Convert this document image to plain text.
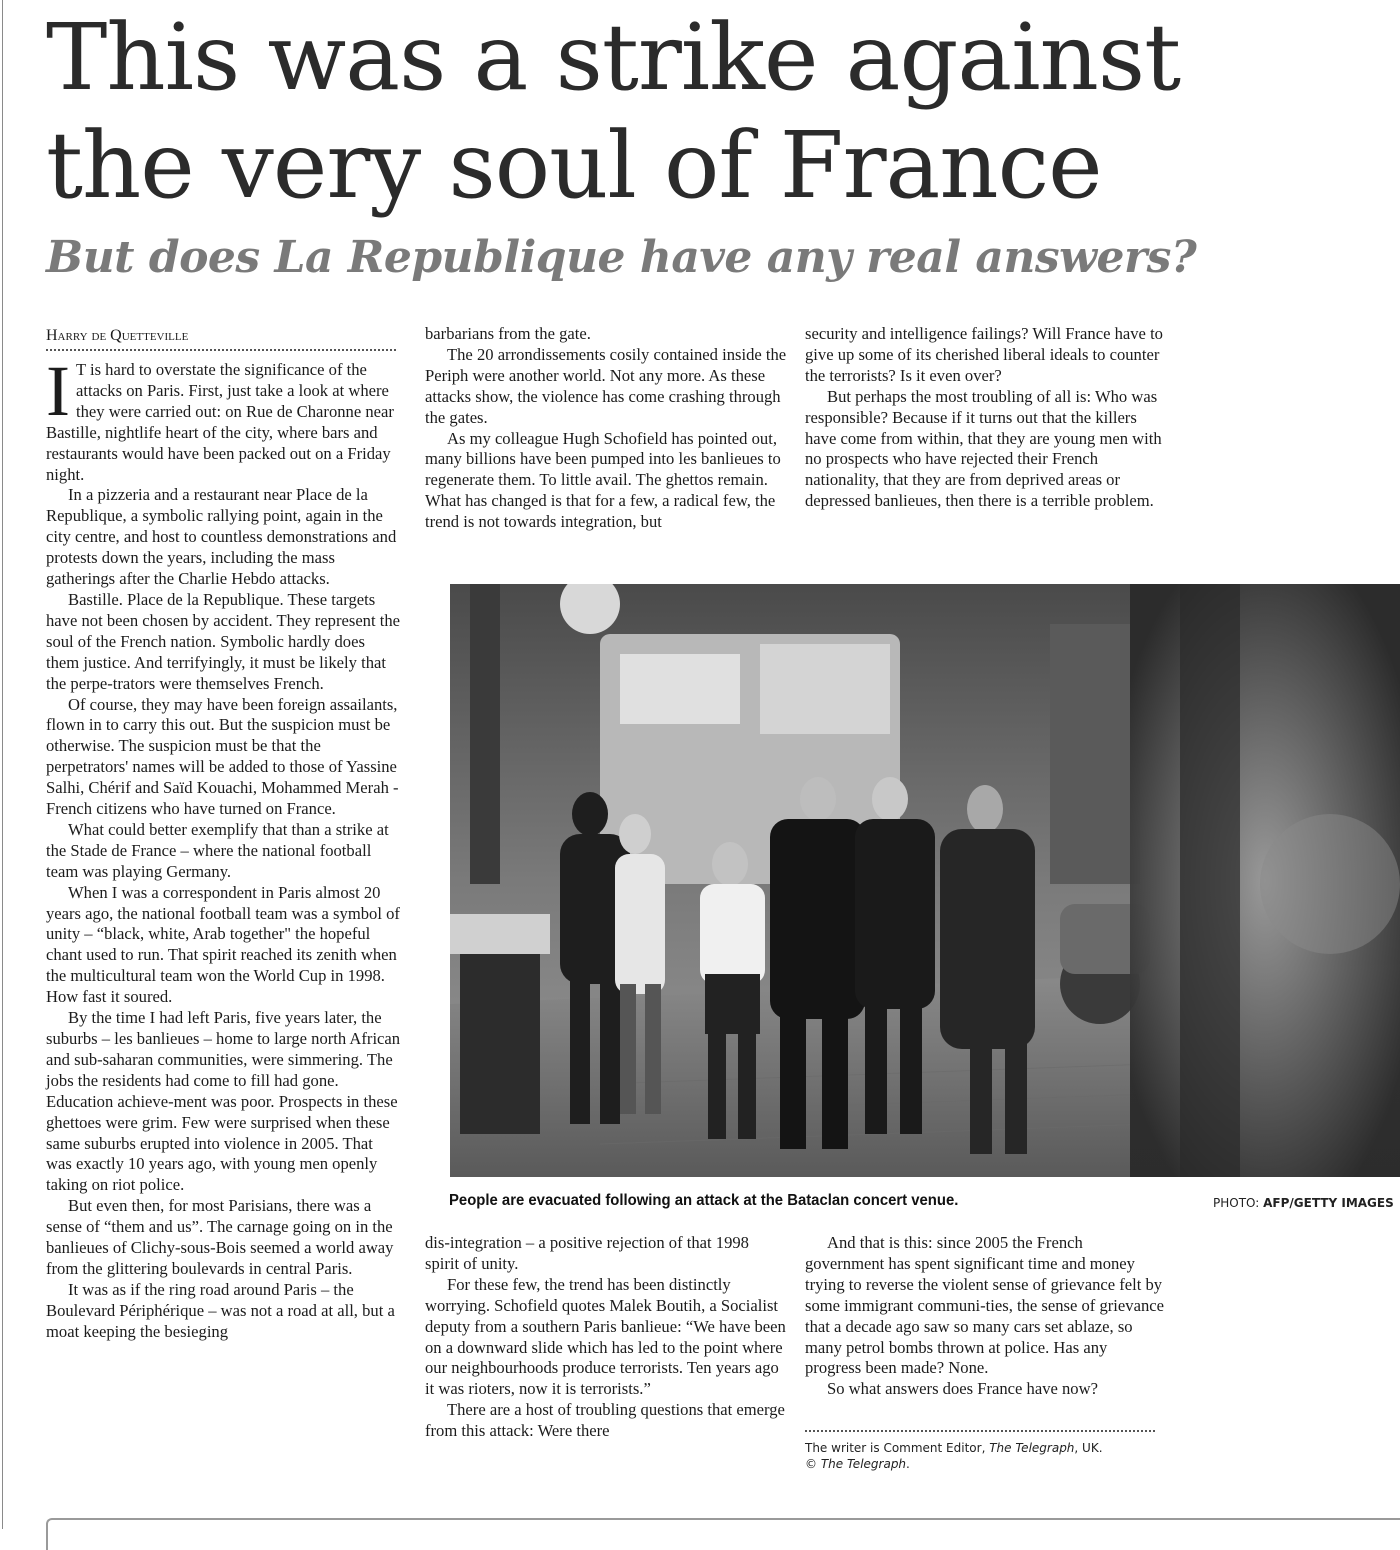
This was a strike against
the very soul of France
But does La Republique have any real answers?
Harry de Quetteville

I T is hard to overstate the significance of the attacks on Paris. First, just take a look at where they were carried out: on Rue de Charonne near Bastille, nightlife heart of the city, where bars and restaurants would have been packed out on a Friday night.

In a pizzeria and a restaurant near Place de la Republique, a symbolic rallying point, again in the city centre, and host to countless demonstrations and protests down the years, including the mass gatherings after the Charlie Hebdo attacks.

Bastille. Place de la Republique. These targets have not been chosen by accident. They represent the soul of the French nation. Symbolic hardly does them justice. And terrifyingly, it must be likely that the perpe-trators were themselves French.

Of course, they may have been foreign assailants, flown in to carry this out. But the suspicion must be otherwise. The suspicion must be that the perpetrators' names will be added to those of Yassine Salhi, Chérif and Saïd Kouachi, Mohammed Merah - French citizens who have turned on France.

What could better exemplify that than a strike at the Stade de France – where the national football team was playing Germany.

When I was a correspondent in Paris almost 20 years ago, the national football team was a symbol of unity – “black, white, Arab together" the hopeful chant used to run. That spirit reached its zenith when the multicultural team won the World Cup in 1998. How fast it soured.

By the time I had left Paris, five years later, the suburbs – les banlieues – home to large north African and sub-saharan communities, were simmering. The jobs the residents had come to fill had gone. Education achieve-ment was poor. Prospects in these ghettoes were grim. Few were surprised when these same suburbs erupted into violence in 2005. That was exactly 10 years ago, with young men openly taking on riot police.

But even then, for most Parisians, there was a sense of “them and us”. The carnage going on in the banlieues of Clichy-sous-Bois seemed a world away from the glittering boulevards in central Paris.

It was as if the ring road around Paris – the Boulevard Périphérique – was not a road at all, but a moat keeping the besieging

barbarians from the gate.

The 20 arrondissements cosily contained inside the Periph were another world. Not any more. As these attacks show, the violence has come crashing through the gates.

As my colleague Hugh Schofield has pointed out, many billions have been pumped into les banlieues to regenerate them. To little avail. The ghettos remain. What has changed is that for a few, a radical few, the trend is not towards integration, but

security and intelligence failings? Will France have to give up some of its cherished liberal ideals to counter the terrorists? Is it even over?

But perhaps the most troubling of all is: Who was responsible? Because if it turns out that the killers have come from within, that they are young men with no prospects who have rejected their French nationality, that they are from deprived areas or depressed banlieues, then there is a terrible problem.

People are evacuated following an attack at the Bataclan concert venue.	PHOTO: AFP/GETTY IMAGES

dis-integration – a positive rejection of that 1998 spirit of unity.

For these few, the trend has been distinctly worrying. Schofield quotes Malek Boutih, a Socialist deputy from a southern Paris banlieue: “We have been on a downward slide which has led to the point where our neighbourhoods produce terrorists. Ten years ago it was rioters, now it is terrorists.”

There are a host of troubling questions that emerge from this attack: Were there

And that is this: since 2005 the French government has spent significant time and money trying to reverse the violent sense of grievance felt by some immigrant communi-ties, the sense of grievance that a decade ago saw so many cars set ablaze, so many petrol bombs thrown at police. Has any progress been made? None.

So what answers does France have now?

The writer is Comment Editor, The Telegraph, UK.
© The Telegraph.
